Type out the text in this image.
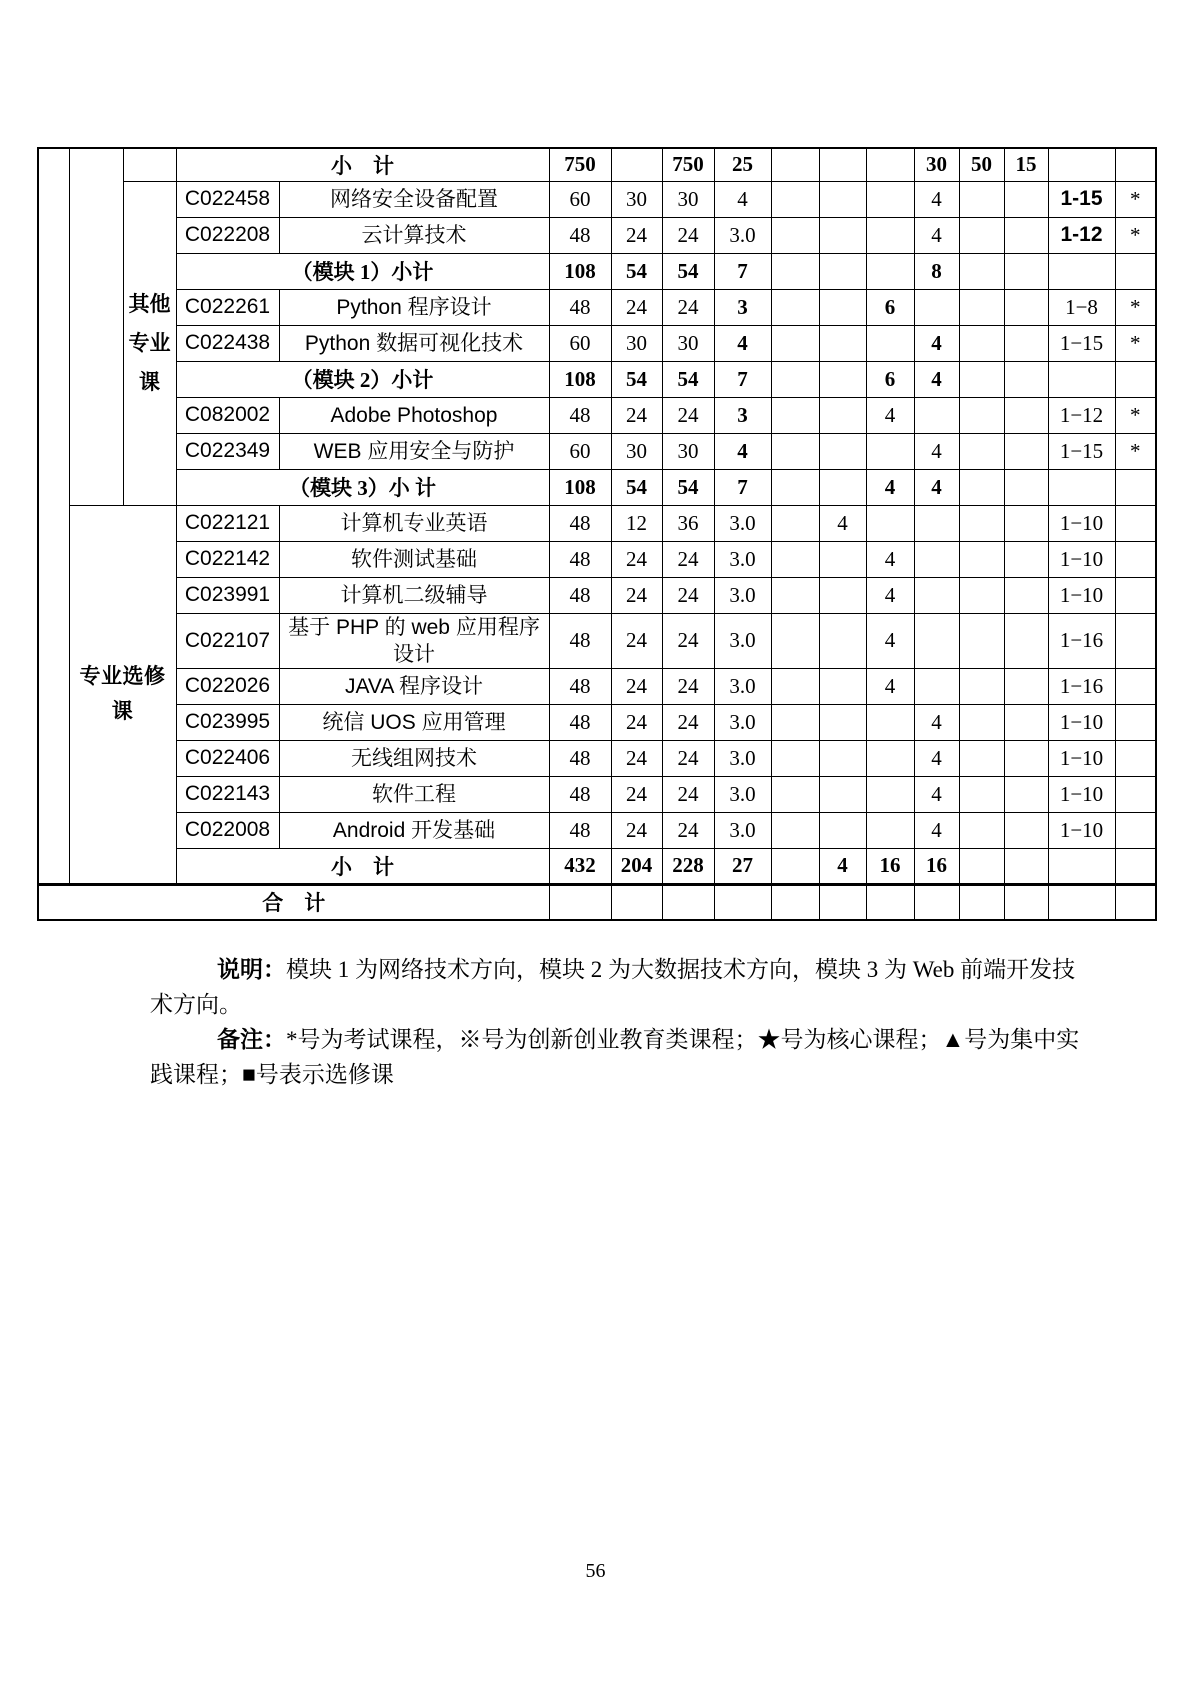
			小　计		750		750	25				30	50	15		
		其他专业课	C022458	网络安全设备配置	60	30	30	4				4			1-15	*
			C022208	云计算技术	48	24	24	3.0				4			1-12	*
			（模块 1）小计		108	54	54	7				8				
			C022261	Python 程序设计	48	24	24	3			6				1−8	*
			C022438	Python 数据可视化技术	60	30	30	4				4			1−15	*
			（模块 2）小计		108	54	54	7			6	4				
			C082002	Adobe Photoshop	48	24	24	3			4				1−12	*
			C022349	WEB 应用安全与防护	60	30	30	4				4			1−15	*
			（模块 3）小 计		108	54	54	7			4	4				
	专业选修课		C022121	计算机专业英语	48	12	36	3.0		4					1−10	
			C022142	软件测试基础	48	24	24	3.0			4				1−10	
			C023991	计算机二级辅导	48	24	24	3.0			4				1−10	
			C022107	基于 PHP 的 web 应用程序设计	48	24	24	3.0			4				1−16	
			C022026	JAVA 程序设计	48	24	24	3.0			4				1−16	
			C023995	统信 UOS 应用管理	48	24	24	3.0				4			1−10	
			C022406	无线组网技术	48	24	24	3.0				4			1−10	
			C022143	软件工程	48	24	24	3.0				4			1−10	
			C022008	Android 开发基础	48	24	24	3.0				4			1−10	
			小　计		432	204	228	27		4	16	16				
合　计																
说明：模块 1 为网络技术方向，模块 2 为大数据技术方向，模块 3 为 Web 前端开发技
术方向。
备注：*号为考试课程，※号为创新创业教育类课程；★号为核心课程；▲号为集中实
践课程；■号表示选修课
56
